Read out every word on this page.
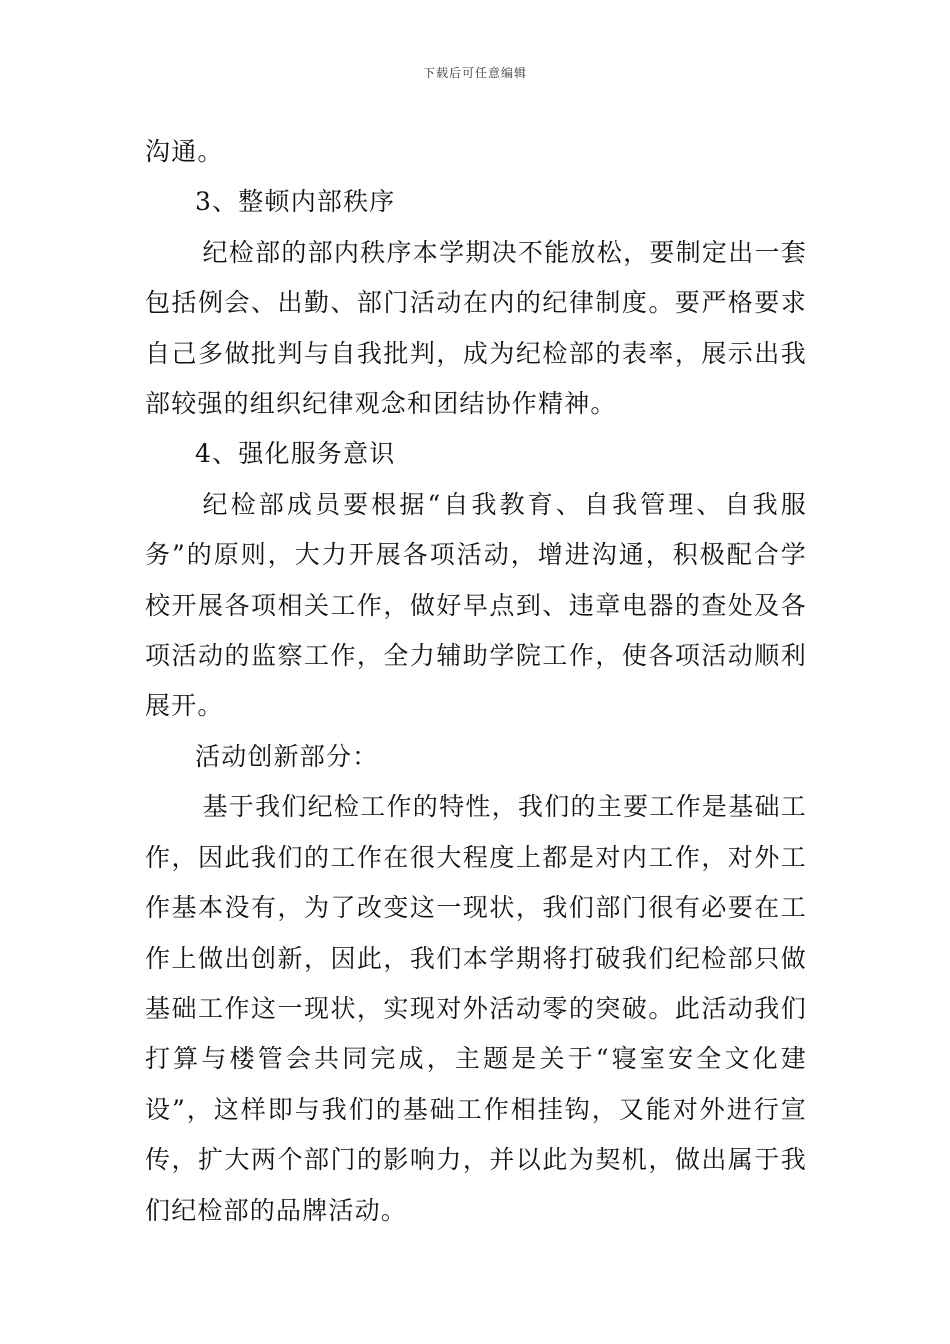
下载后可任意编辑

沟通。

3、整顿内部秩序

纪检部的部内秩序本学期决不能放松，要制定出一套包括例会、出勤、部门活动在内的纪律制度。要严格要求自己多做批判与自我批判，成为纪检部的表率，展示出我部较强的组织纪律观念和团结协作精神。

4、强化服务意识

纪检部成员要根据“自我教育、自我管理、自我服务”的原则，大力开展各项活动，增进沟通，积极配合学校开展各项相关工作，做好早点到、违章电器的查处及各项活动的监察工作，全力辅助学院工作，使各项活动顺利展开。

活动创新部分：

基于我们纪检工作的特性，我们的主要工作是基础工作，因此我们的工作在很大程度上都是对内工作，对外工作基本没有，为了改变这一现状，我们部门很有必要在工作上做出创新，因此，我们本学期将打破我们纪检部只做基础工作这一现状，实现对外活动零的突破。此活动我们打算与楼管会共同完成，主题是关于“寝室安全文化建设”，这样即与我们的基础工作相挂钩，又能对外进行宣传，扩大两个部门的影响力，并以此为契机，做出属于我们纪检部的品牌活动。
